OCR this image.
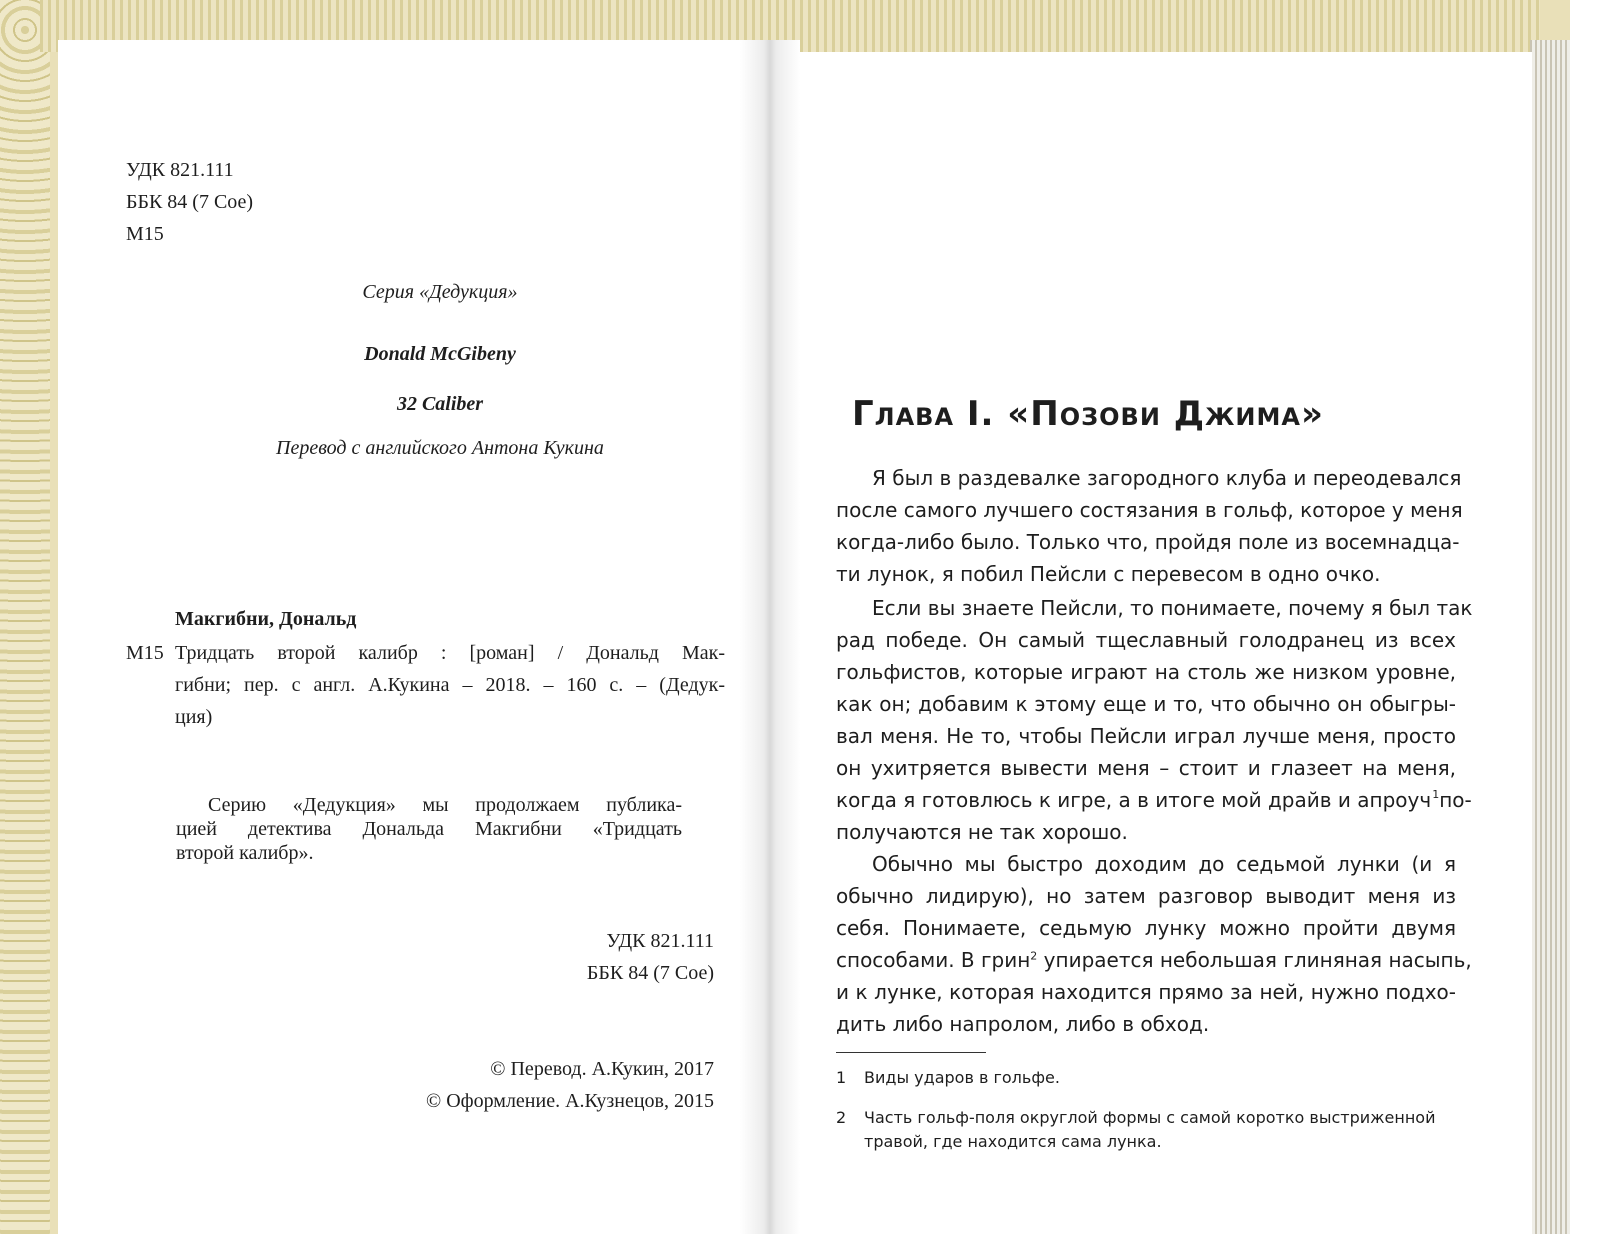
УДК 821.111
ББК 84 (7 Сое)
М15
Серия «Дедукция»
Donald McGibeny
32 Caliber
Перевод с английского Антона Кукина
Макгибни, Дональд
М15 Тридцать второй калибр : [роман] / Дональд Мак-
гибни; пер. с англ. А.Кукина – 2018. – 160 с. – (Дедук-
ция)
Серию «Дедукция» мы продолжаем публика-
цией детектива Дональда Макгибни «Тридцать
второй калибр».
УДК 821.111
ББК 84 (7 Сое)
© Перевод. А.Кукин, 2017
© Оформление. А.Кузнецов, 2015
Глава I. «Позови Джима»
Я был в раздевалке загородного клуба и переодевался
после самого лучшего состязания в гольф, которое у меня
когда-либо было. Только что, пройдя поле из восемнадца-
ти лунок, я побил Пейсли с перевесом в одно очко.
Если вы знаете Пейсли, то понимаете, почему я был так
рад победе. Он самый тщеславный голодранец из всех
гольфистов, которые играют на столь же низком уровне,
как он; добавим к этому еще и то, что обычно он обыгры-
вал меня. Не то, чтобы Пейсли играл лучше меня, просто
он ухитряется вывести меня – стоит и глазеет на меня,
когда я готовлюсь к игре, а в итоге мой драйв и апроуч 1 по-
получаются не так хорошо.
Обычно мы быстро доходим до седьмой лунки (и я
обычно лидирую), но затем разговор выводит меня из
себя. Понимаете, седьмую лунку можно пройти двумя
способами. В грин$^2$ упирается небольшая глиняная насыпь,
и к лунке, которая находится прямо за ней, нужно подхо-
дить либо напролом, либо в обход.
1 Виды ударов в гольфе.
2 Часть гольф-поля округлой формы с самой коротко выстриженной
травой, где находится сама лунка.
